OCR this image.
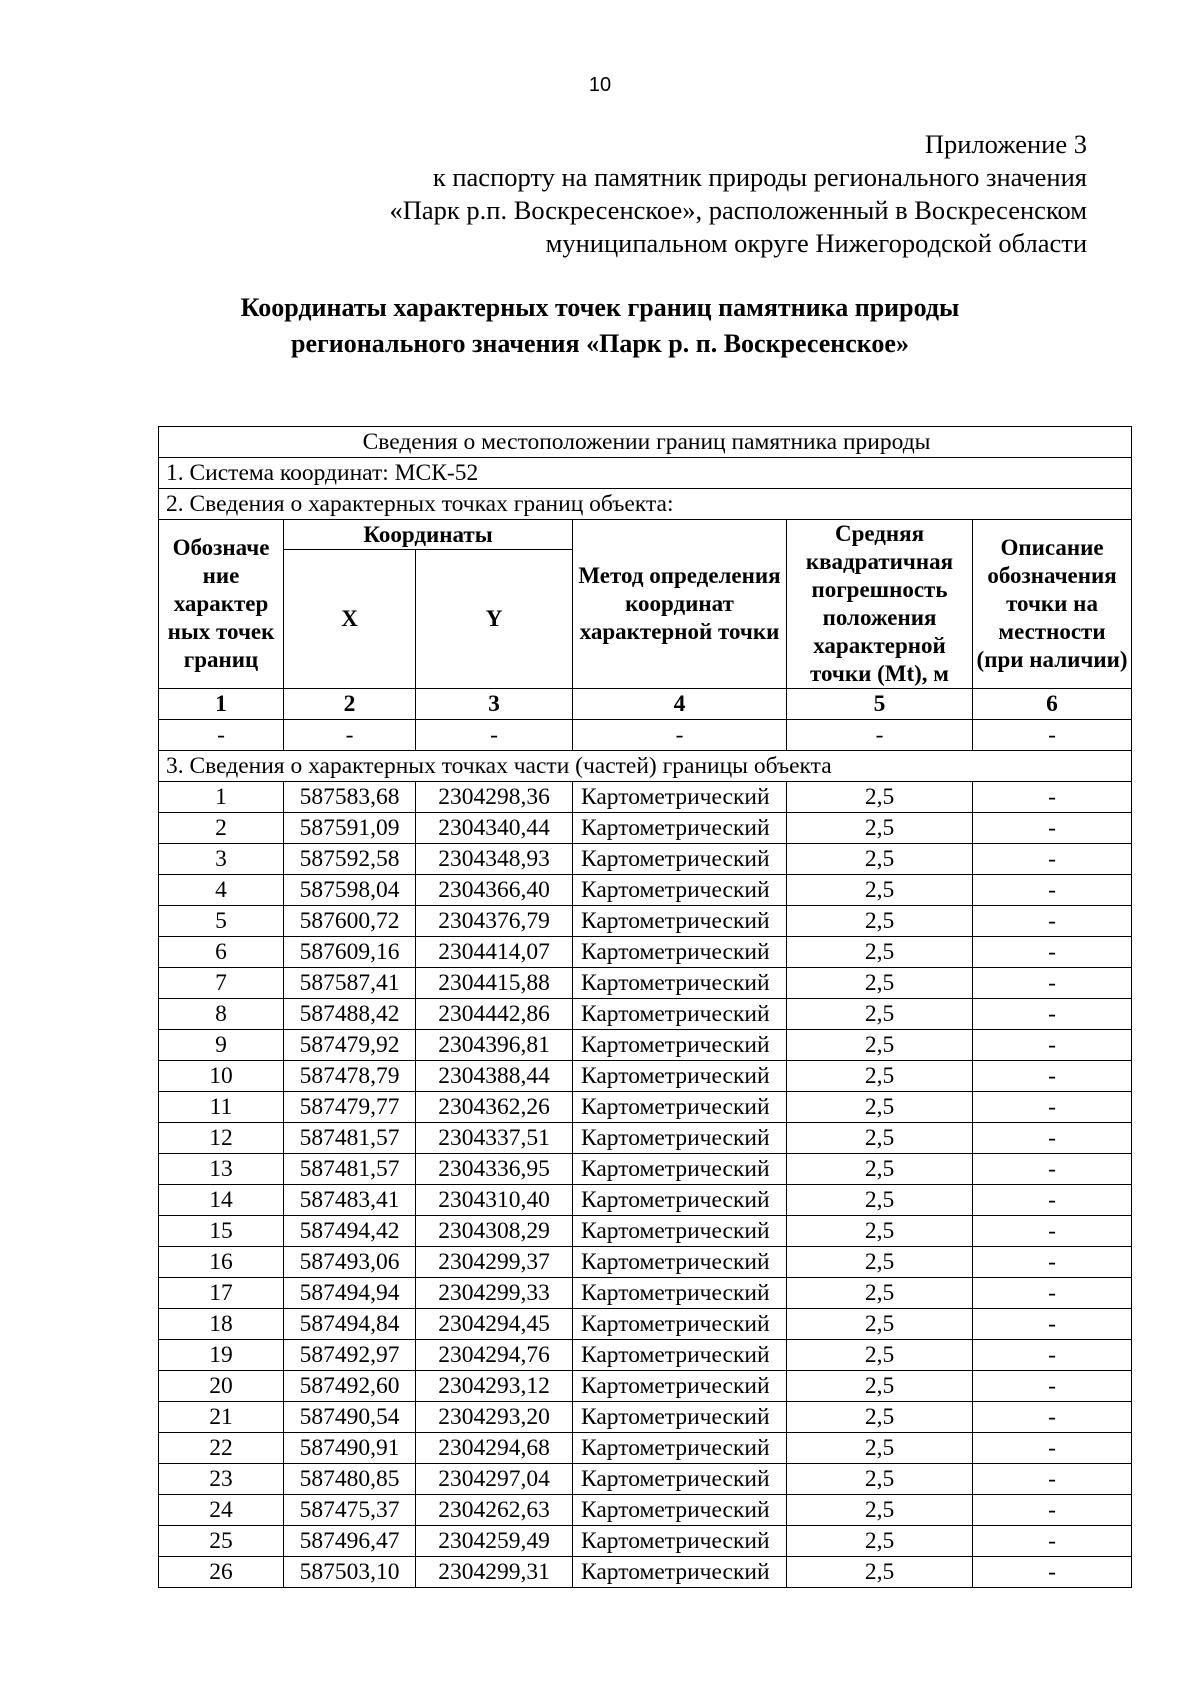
10
Приложение 3
к паспорту на памятник природы регионального значения
«Парк р.п. Воскресенское», расположенный в Воскресенском
муниципальном округе Нижегородской области
Координаты характерных точек границ памятника природы
регионального значения «Парк р. п. Воскресенское»
Сведения о местоположении границ памятника природы					
1. Система координат: МСК-52					
2. Сведения о характерных точках границ объекта:					
Обозначе ние характер ных точек границ	Координаты		Метод определения координат характерной точки	Средняя квадратичная погрешность положения характерной точки (Mt), м	Описание обозначения точки на местности (при наличии)
	X	Y			
1	2	3	4	5	6
-	-	-	-	-	-
3. Сведения о характерных точках части (частей) границы объекта					
1	587583,68	2304298,36	Картометрический	2,5	-
2	587591,09	2304340,44	Картометрический	2,5	-
3	587592,58	2304348,93	Картометрический	2,5	-
4	587598,04	2304366,40	Картометрический	2,5	-
5	587600,72	2304376,79	Картометрический	2,5	-
6	587609,16	2304414,07	Картометрический	2,5	-
7	587587,41	2304415,88	Картометрический	2,5	-
8	587488,42	2304442,86	Картометрический	2,5	-
9	587479,92	2304396,81	Картометрический	2,5	-
10	587478,79	2304388,44	Картометрический	2,5	-
11	587479,77	2304362,26	Картометрический	2,5	-
12	587481,57	2304337,51	Картометрический	2,5	-
13	587481,57	2304336,95	Картометрический	2,5	-
14	587483,41	2304310,40	Картометрический	2,5	-
15	587494,42	2304308,29	Картометрический	2,5	-
16	587493,06	2304299,37	Картометрический	2,5	-
17	587494,94	2304299,33	Картометрический	2,5	-
18	587494,84	2304294,45	Картометрический	2,5	-
19	587492,97	2304294,76	Картометрический	2,5	-
20	587492,60	2304293,12	Картометрический	2,5	-
21	587490,54	2304293,20	Картометрический	2,5	-
22	587490,91	2304294,68	Картометрический	2,5	-
23	587480,85	2304297,04	Картометрический	2,5	-
24	587475,37	2304262,63	Картометрический	2,5	-
25	587496,47	2304259,49	Картометрический	2,5	-
26	587503,10	2304299,31	Картометрический	2,5	-
